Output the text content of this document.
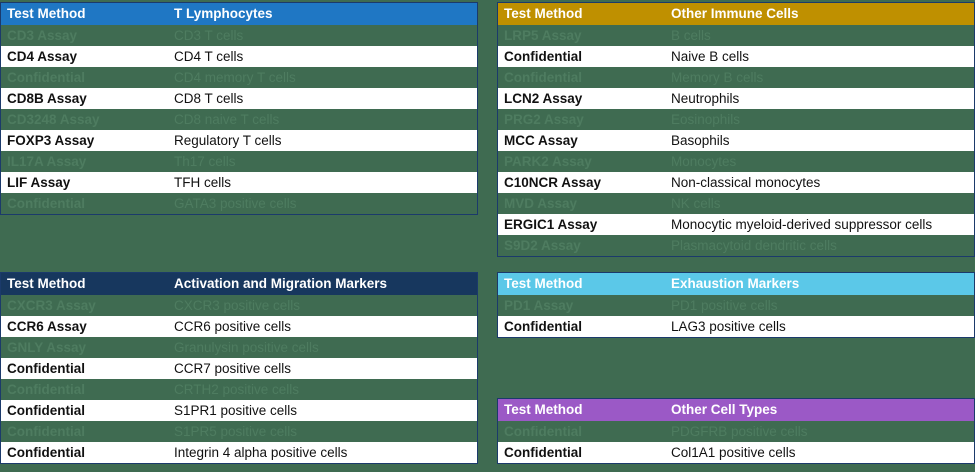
Test Method	T Lymphocytes
CD3 Assay	CD3 T cells
CD4 Assay	CD4 T cells
Confidential	CD4 memory T cells
CD8B Assay	CD8 T cells
CD3248 Assay	CD8 naive T cells
FOXP3 Assay	Regulatory T cells
IL17A Assay	Th17 cells
LIF Assay	TFH cells
Confidential	GATA3 positive cells
Test Method	Other Immune Cells
LRP5 Assay	B cells
Confidential	Naive B cells
Confidential	Memory B cells
LCN2 Assay	Neutrophils
PRG2 Assay	Eosinophils
MCC Assay	Basophils
PARK2 Assay	Monocytes
C10NCR Assay	Non-classical monocytes
MVD Assay	NK cells
ERGIC1 Assay	Monocytic myeloid-derived suppressor cells
S9D2 Assay	Plasmacytoid dendritic cells
Test Method	Activation and Migration Markers
CXCR3 Assay	CXCR3 positive cells
CCR6 Assay	CCR6 positive cells
GNLY Assay	Granulysin positive cells
Confidential	CCR7 positive cells
Confidential	CRTH2 positive cells
Confidential	S1PR1 positive cells
Confidential	S1PR5 positive cells
Confidential	Integrin 4 alpha positive cells
Test Method	Exhaustion Markers
PD1 Assay	PD1 positive cells
Confidential	LAG3 positive cells
Test Method	Other Cell Types
Confidential	PDGFRB positive cells
Confidential	Col1A1 positive cells
